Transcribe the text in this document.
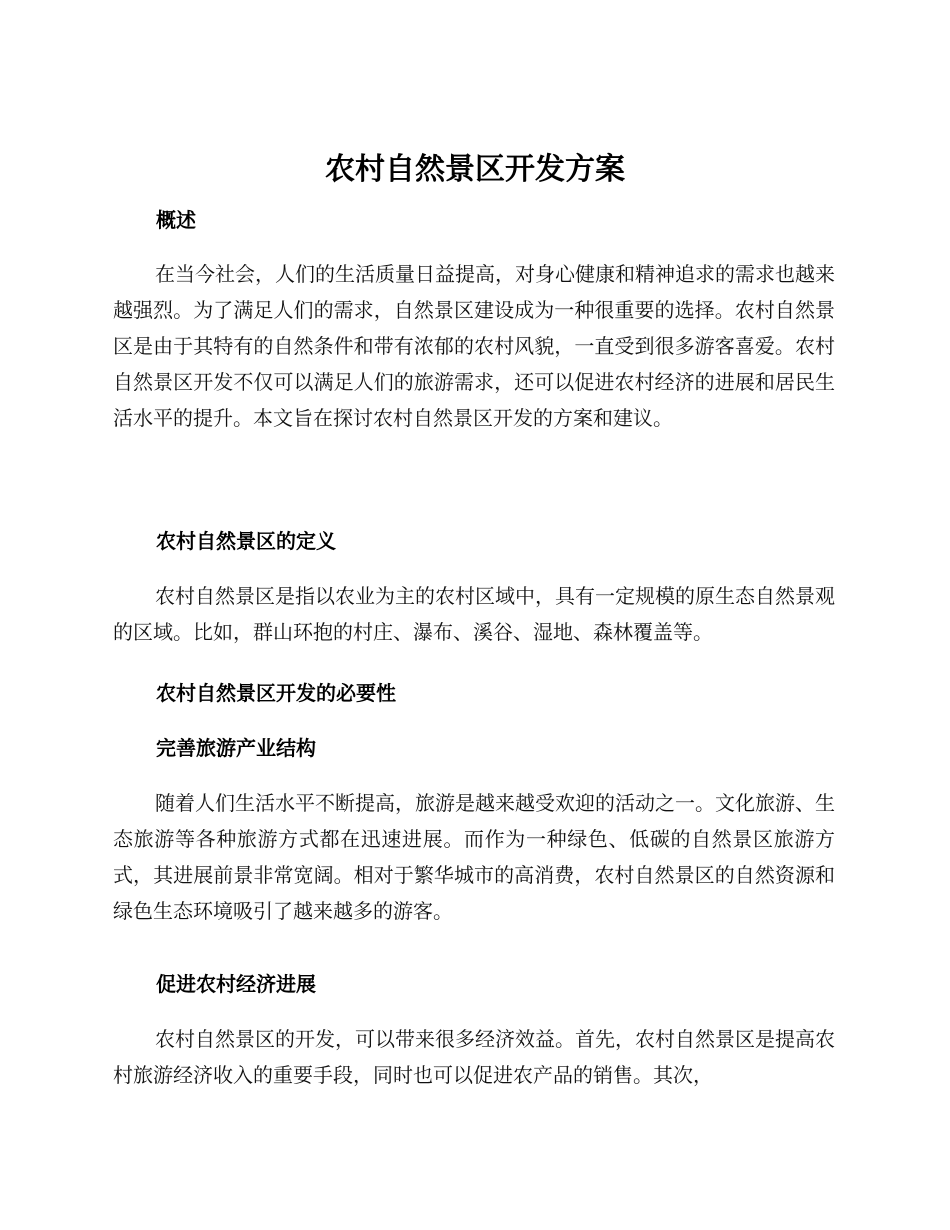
农村自然景区开发方案
概述

在当今社会，人们的生活质量日益提高，对身心健康和精神追求的需求也越来越强烈。为了满足人们的需求，自然景区建设成为一种很重要的选择。农村自然景区是由于其特有的自然条件和带有浓郁的农村风貌，一直受到很多游客喜爱。农村自然景区开发不仅可以满足人们的旅游需求，还可以促进农村经济的进展和居民生活水平的提升。本文旨在探讨农村自然景区开发的方案和建议。

农村自然景区的定义

农村自然景区是指以农业为主的农村区域中，具有一定规模的原生态自然景观的区域。比如，群山环抱的村庄、瀑布、溪谷、湿地、森林覆盖等。

农村自然景区开发的必要性
完善旅游产业结构

随着人们生活水平不断提高，旅游是越来越受欢迎的活动之一。文化旅游、生态旅游等各种旅游方式都在迅速进展。而作为一种绿色、低碳的自然景区旅游方式，其进展前景非常宽阔。相对于繁华城市的高消费，农村自然景区的自然资源和绿色生态环境吸引了越来越多的游客。

促进农村经济进展

农村自然景区的开发，可以带来很多经济效益。首先，农村自然景区是提高农村旅游经济收入的重要手段，同时也可以促进农产品的销售。其次，
